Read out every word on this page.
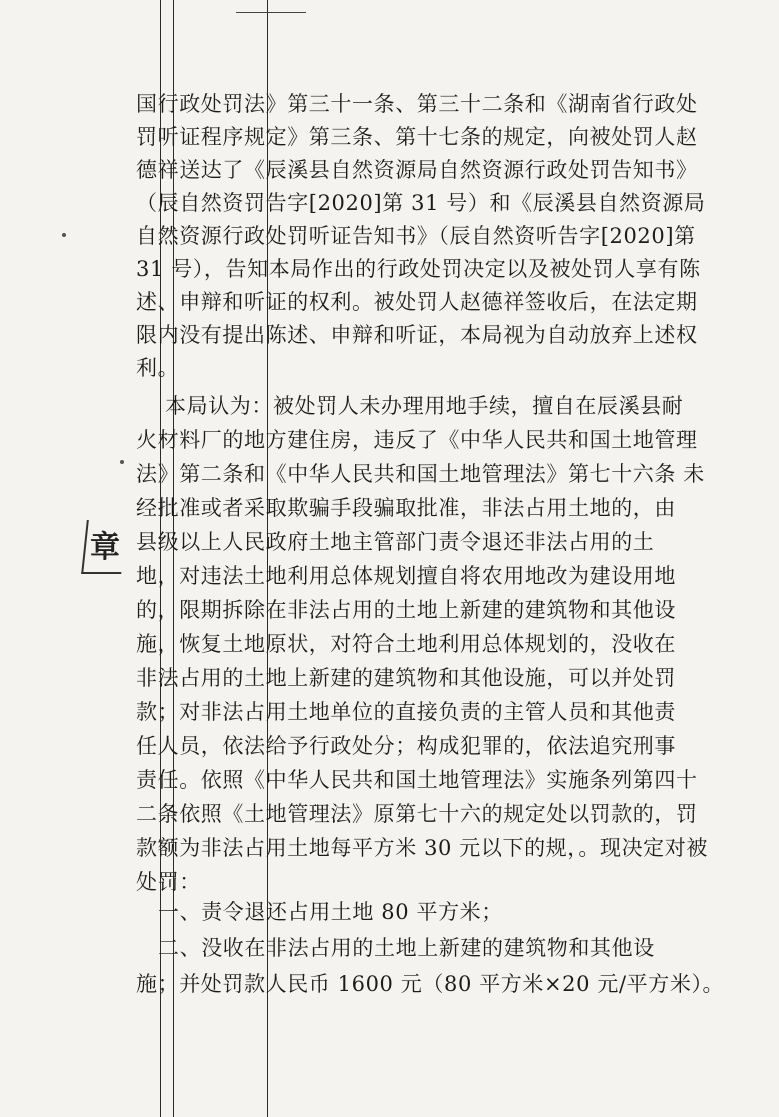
章
国行政处罚法》第三十一条、第三十二条和《湖南省行政处
罚听证程序规定》第三条、第十七条的规定，向被处罚人赵
德祥送达了《辰溪县自然资源局自然资源行政处罚告知书》
（辰自然资罚告字[2020]第 31 号）和《辰溪县自然资源局
自然资源行政处罚听证告知书》（辰自然资听告字[2020]第
31 号），告知本局作出的行政处罚决定以及被处罚人享有陈
述、申辩和听证的权利。被处罚人赵德祥签收后，在法定期
限内没有提出陈述、申辩和听证，本局视为自动放弃上述权
利。
本局认为：被处罚人未办理用地手续，擅自在辰溪县耐
火材料厂的地方建住房，违反了《中华人民共和国土地管理
法》第二条和《中华人民共和国土地管理法》第七十六条 未
经批准或者采取欺骗手段骗取批准，非法占用土地的，由
县级以上人民政府土地主管部门责令退还非法占用的土
地，对违法土地利用总体规划擅自将农用地改为建设用地
的，限期拆除在非法占用的土地上新建的建筑物和其他设
施，恢复土地原状，对符合土地利用总体规划的，没收在
非法占用的土地上新建的建筑物和其他设施，可以并处罚
款；对非法占用土地单位的直接负责的主管人员和其他责
任人员，依法给予行政处分；构成犯罪的，依法追究刑事
责任。依照《中华人民共和国土地管理法》实施条列第四十
二条依照《土地管理法》原第七十六的规定处以罚款的，罚
款额为非法占用土地每平方米 30 元以下的规，。现决定对被
处罚：
一、责令退还占用土地 80 平方米；
二、没收在非法占用的土地上新建的建筑物和其他设
施；并处罚款人民币 1600 元（80 平方米×20 元/平方米）。
